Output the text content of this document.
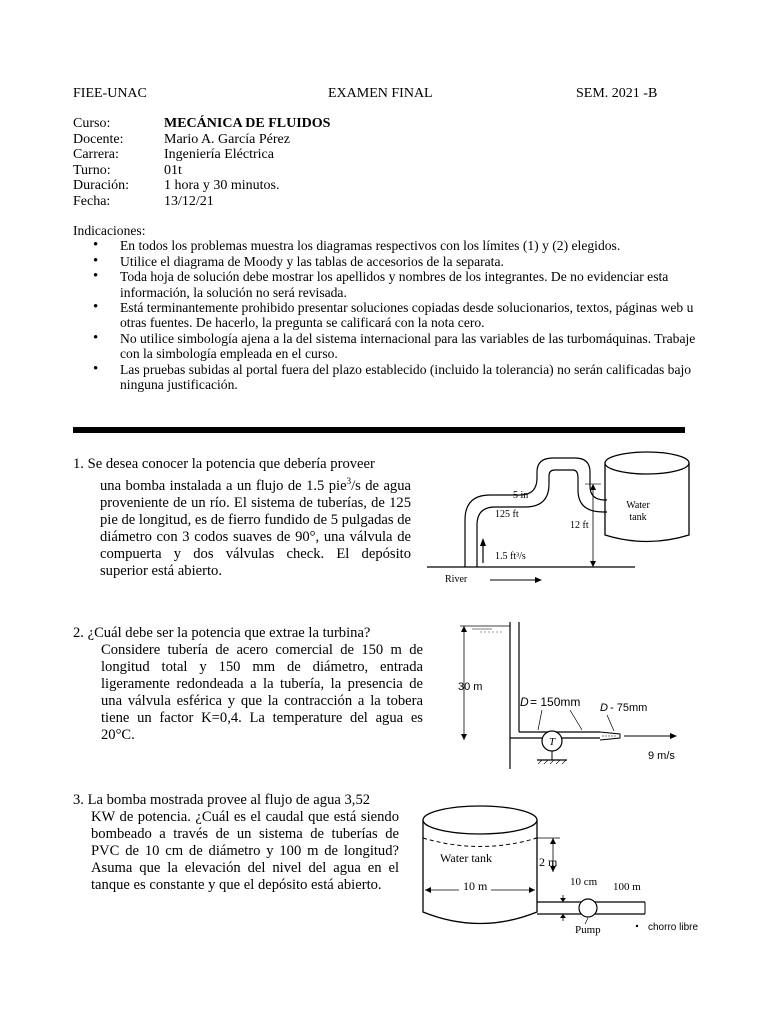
FIEE-UNAC	EXAMEN FINAL	SEM. 2021 -B
Curso:	MECÁNICA DE FLUIDOS
Docente:	Mario A. García Pérez
Carrera:	Ingeniería Eléctrica
Turno:	01t
Duración:	1 hora y 30 minutos.
Fecha:	13/12/21
Indicaciones:
• En todos los problemas muestra los diagramas respectivos con los límites (1) y (2) elegidos.
• Utilice el diagrama de Moody y las tablas de accesorios de la separata.
• Toda hoja de solución debe mostrar los apellidos y nombres de los integrantes. De no evidenciar esta información, la solución no será revisada.
• Está terminantemente prohibido presentar soluciones copiadas desde solucionarios, textos, páginas web u otras fuentes. De hacerlo, la pregunta se calificará con la nota cero.
• No utilice simbología ajena a la del sistema internacional para las variables de las turbomáquinas. Trabaje con la simbología empleada en el curso.
• Las pruebas subidas al portal fuera del plazo establecido (incluido la tolerancia) no serán calificadas bajo ninguna justificación.

1. Se desea conocer la potencia que debería proveer

una bomba instalada a un flujo de 1.5 pie$^3$/s de agua proveniente de un río. El sistema de tuberías, de 125 pie de longitud, es de fierro fundido de 5 pulgadas de diámetro con 3 codos suaves de 90°, una válvula de compuerta y dos válvulas check. El depósito superior está abierto.

Water
tank
12 ft
5 in
125 ft
1.5 ft³/s
River

2. ¿Cuál debe ser la potencia que extrae la turbina?

Considere tubería de acero comercial de 150 m de longitud total y 150 mm de diámetro, entrada ligeramente redondeada a la tubería, la presencia de una válvula esférica y que la contracción a la tobera tiene un factor K=0,4. La temperature del agua es 20°C.

30 m
T
D = 150mm D - 75mm
9 m/s

3. La bomba mostrada provee al flujo de agua 3,52

KW de potencia. ¿Cuál es el caudal que está siendo bombeado a través de un sistema de tuberías de PVC de 10 cm de diámetro y 100 m de longitud? Asuma que la elevación del nivel del agua en el tanque es constante y que el depósito está abierto.

Water tank
10 m
2 m
10 cm 100 m
Pump	chorro libre
